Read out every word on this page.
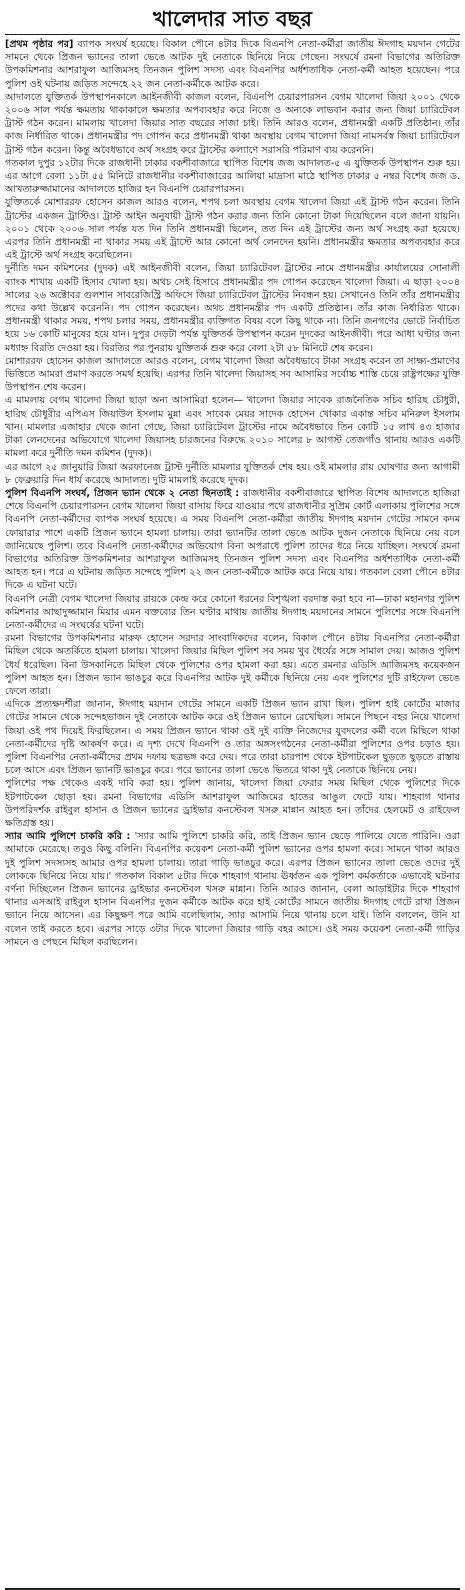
খালেদার সাত বছর

[প্রথম পৃষ্ঠার পর] ব্যাপক সংঘর্ষ হয়েছে। বিকাল পৌনে ৪টার দিকে বিএনপি নেতা-কর্মীরা জাতীয় ঈদগাহ ময়দান গেটের সামনে থেকে প্রিজন ভ্যানের তালা ভেঙে আটক দুই নেতাকে ছিনিয়ে নিয়ে গেছেন। সংঘর্ষে রমনা বিভাগের অতিরিক্ত উপকমিশনার আশরাফুল আজিমসহ তিনজন পুলিশ সদস্য এবং বিএনপির অর্ধশতাধিক নেতা-কর্মী আহত হয়েছেন। পরে পুলিশ ওই ঘটনায় জড়িত সন্দেহে ২২ জন নেতা-কর্মীকে আটক করে।

আদালতে যুক্তিতর্ক উপস্থাপনকালে আইনজীবী কাজল বলেন, বিএনপি চেয়ারপারসন বেগম খালেদা জিয়া ২০০১ থেকে ২০০৬ সাল পর্যন্ত ক্ষমতায় থাকাকালে ক্ষমতার অপব্যবহার করে নিজে ও অন্যকে লাভবান করার জন্য জিয়া চ্যারিটেবল ট্রাস্ট গঠন করেন। মামলায় খালেদা জিয়ার সাত বছরের সাজা চাই। তিনি আরও বলেন, প্রধানমন্ত্রী একটি প্রতিষ্ঠান। তাঁর কাজ নির্ধারিত থাকে। প্রধানমন্ত্রীর পদ গোপন করে প্রধানমন্ত্রী থাকা অবস্থায় বেগম খালেদা জিয়া নামসর্বস্ব জিয়া চ্যারিটেবল ট্রাস্ট গঠন করেন। কিন্তু অবৈধভাবে অর্থ সংগ্রহ করে ট্রাস্টের কল্যাণে সরাসরি পরিমাণ ব্যয় করেননি।

গতকাল দুপুর ১২টার দিকে রাজধানী ঢাকার বকশীবাজারে স্থাপিত বিশেষ জজ আদালত-৫ এ যুক্তিতর্ক উপস্থাপন শুরু হয়। এর আগে বেলা ১১টা ৫৫ মিনিটে রাজধানীর বকশীবাজারের আলিয়া মাদ্রাসা মাঠে স্থাপিত ঢাকার ৫ নম্বর বিশেষ জজ ড. আখতারুজ্জামানের আদালতে হাজির হন বিএনপি চেয়ারপারসন।

যুক্তিতর্কে মোশাররফ হোসেন কাজল আরও বলেন, শপথ চলা অবস্থায় বেগম খালেদা জিয়া এই ট্রাস্ট গঠন করেন। তিনি ট্রাস্টের একজন ট্রাস্টিও। ট্রাস্ট আইন অনুযায়ী ট্রাস্ট গঠন করার জন্য তিনি কোনো টাকা দিয়েছিলেন বলে জানা যায়নি। ২০০১ থেকে ২০০৬ সাল পর্যন্ত যত দিন তিনি প্রধানমন্ত্রী ছিলেন, তত দিন এই ট্রাস্টের জন্য অর্থ সংগ্রহ করা হয়েছে। এরপর তিনি প্রধানমন্ত্রী না থাকার সময় এই ট্রাস্টে আর কোনো অর্থ লেনদেন হয়নি। প্রধানমন্ত্রীর ক্ষমতার অপব্যবহার করে এই ট্রাস্টে অর্থ সংগ্রহ করেছিলেন।

দুর্নীতি দমন কমিশনের (দুদক) এই আইনজীবী বলেন, জিয়া চ্যারিটেবল ট্রাস্টের নামে প্রধানমন্ত্রীর কার্যালয়ের সোনালী ব্যাংক শাখায় একটি হিসাব খোলা হয়। অথচ সেই হিসাবে প্রধানমন্ত্রীর পদ গোপন করেছেন খালেদা জিয়া। এ ছাড়া ২০০৪ সালের ২৬ অক্টোবর গুলশান সাবরেজিস্ট্রি অফিসে জিয়া চ্যারিটেবল ট্রাস্টের নিবন্ধন হয়। সেখানেও তিনি তাঁর প্রধানমন্ত্রীর পদের কথা উল্লেখ করেননি। পদ গোপন করেছেন। অথচ প্রধানমন্ত্রীর পদ একটি প্রতিষ্ঠান। তাঁর কাজ নির্ধারিত থাকে। প্রধানমন্ত্রী থাকার সময়, শপথ চলার সময়, প্রধানমন্ত্রীর ব্যক্তিগত বিষয় বলে কিছু থাকে না। তিনি জনগণের ভোটে নির্বাচিত হয়ে ১৬ কোটি মানুষের হয়ে যান। দুপুর দেড়টা পর্যন্ত যুক্তিতর্ক উপস্থাপন করেন দুদকের আইনজীবী। পরে আধা ঘণ্টার জন্য মধ্যাহ্ন বিরতি দেওয়া হয়। বিরতির পর পুনরায় যুক্তিতর্ক শুরু করে বেলা ২টা ৫৮ মিনিটে শেষ করেন।

মোশাররফ হোসেন কাজল আদালতে আরও বলেন, বেগম খালেদা জিয়া অবৈধভাবে টাকা সংগ্রহ করেন তা সাক্ষ্য-প্রমাণের ভিত্তিতে আমরা প্রমাণ করতে সমর্থ হয়েছি। এরপর তিনি খালেদা জিয়াসহ সব আসামির সর্বোচ্চ শাস্তি চেয়ে রাষ্ট্রপক্ষের যুক্তি উপস্থাপন শেষ করেন।

এ মামলায় বেগম খালেদা জিয়া ছাড়া অন্য আসামিরা হলেন— খালেদা জিয়ার সাবেক রাজনৈতিক সচিব হারিছ চৌধুরী, হারিছ চৌধুরীর এপিএস জিয়াউল ইসলাম মুন্না এবং সাবেক মেয়র সাদেক হোসেন খোকার একান্ত সচিব মনিরুল ইসলাম খান। মামলার এজাহার থেকে জানা গেছে, জিয়া চ্যারিটেবল ট্রাস্টের নামে অবৈধভাবে তিন কোটি ১৫ লাখ ৪৩ হাজার টাকা লেনদেনের অভিযোগে খালেদা জিয়াসহ চারজনের বিরুদ্ধে ২০১০ সালের ৮ আগস্ট তেজগাঁও থানায় আরও একটি মামলা করে দুর্নীতি দমন কমিশন (দুদক)।

এর আগে ২৫ জানুয়ারি জিয়া অরফানেজ ট্রাস্ট দুর্নীতি মামলার যুক্তিতর্ক শেষ হয়। ওই মামলার রায় ঘোষণার জন্য আগামী ৮ ফেব্রুয়ারি দিন ধার্য করেছে আদালত। দুটি মামলাই করেছে দুদক।

পুলিশ বিএনপি সংঘর্ষ, প্রিজন ভ্যান থেকে ২ নেতা ছিনতাই : রাজধানীর বকশীবাজারে স্থাপিত বিশেষ আদালতে হাজিরা শেষে বিএনপি চেয়ারপারসন বেগম খালেদা জিয়া বাসায় ফিরে যাওয়ার পথে রাজধানীর সুপ্রিম কোর্ট এলাকায় পুলিশের সঙ্গে বিএনপি নেতা-কর্মীদের ব্যাপক সংঘর্ষ হয়েছে। এ সময় বিএনপি নেতা-কর্মীরা জাতীয় ঈদগাহ ময়দান গেটের সামনে কদম ফোয়ারার পাশে একটি প্রিজন ভ্যানে হামলা চালায়। তারা ভ্যানটির তালা ভেঙে আটক দুজন নেতাকে ছিনিয়ে নেয় বলে জানিয়েছে পুলিশ। তবে বিএনপি নেতা-কর্মীদের অভিযোগ বিনা অপরাধে পুলিশ তাদের ধরে নিয়ে যাচ্ছিল। সংঘর্ষে রমনা বিভাগের অতিরিক্ত উপকমিশনার আশরাফুল আজিমসহ তিনজন পুলিশ সদস্য এবং বিএনপির অর্ধশতাধিক নেতা-কর্মী আহত হন। পরে এ ঘটনায় জড়িত সন্দেহে পুলিশ ২২ জন নেতা-কর্মীকে আটক করে নিয়ে যায়। গতকাল বেলা পৌনে ৪টার দিকে এ ঘটনা ঘটে।

বিএনপি নেত্রী বেগম খালেদা জিয়ার রায়কে কেন্দ্র করে কোনো ধরনের বিশৃঙ্খলা বরদাস্ত করা হবে না—ঢাকা মহানগর পুলিশ কমিশনার আছাদুজ্জামান মিয়ার এমন বক্তব্যের তিন ঘণ্টার মাথায় জাতীয় ঈদগাহ ময়দানের সামনে পুলিশের সঙ্গে বিএনপি নেতা-কর্মীদের এ সংঘর্ষের ঘটনা ঘটে।

রমনা বিভাগের উপকমিশনার মারুফ হোসেন সরদার সাংবাদিকদের বলেন, বিকাল পৌনে ৪টায় বিএনপির নেতা-কর্মীরা মিছিল থেকে অতর্কিতে হামলা চালায়। খালেদা জিয়ার মিছিল পুলিশ সব সময় খুব ধৈর্যের সঙ্গে সামাল দেয়। আজও পুলিশ ধৈর্য ধরেছিল। বিনা উসকানিতে মিছিল থেকে পুলিশের ওপর হামলা করা হয়। এতে রমনার এডিসি আজিমসহ কয়েকজন পুলিশ আহত হন। প্রিজন ভ্যান ভাঙচুর করে বিএনপির আটক দুই কর্মীকে ছিনিয়ে নেয় এবং পুলিশের দুটি রাইফেল ভেঙে ফেলে তারা।

এদিকে প্রত্যক্ষদর্শীরা জানান, ঈদগাহ ময়দান গেটের সামনে একটি প্রিজন ভ্যান রাখা ছিল। পুলিশ হাই কোর্টের মাজার গেটের সামনে থেকে সন্দেহভাজন দুই নেতাকে আটক করে ওই প্রিজন ভ্যানে রেখেছিল। সামনে পিছনে বহর নিয়ে খালেদা জিয়া ওই পথ দিয়েই ফিরছিলেন। এ সময় প্রিজন ভ্যানে থাকা ওই দুই ব্যক্তি নিজেদের যুবদলের কর্মী বলে মিছিলে থাকা নেতা-কর্মীদের দৃষ্টি আকর্ষণ করে। এ দৃশ্য দেখে বিএনপি ও তার অঙ্গসংগঠনের নেতা-কর্মীরা পুলিশের ওপর চড়াও হয়। পুলিশ বিএনপির নেতা-কর্মীদের প্রথম দফায় ছত্রভঙ্গ করে দেয়। পরে তারা চারপাশ থেকে ইটপাটকেল ছুড়তে ছুড়তে রাস্তায় চলে আসে এবং প্রিজন ভ্যানটি ভাঙচুর করে। পরে ভ্যানের তালা ভেঙে ভিতরে থাকা দুই নেতাকে ছিনিয়ে নেয়।

পুলিশের পক্ষ থেকেও একই দাবি করা হয়। পুলিশ জানায়, খালেদা জিয়া ফেরার সময় মিছিল থেকে পুলিশের দিকে ইটপাটকেল ছোড়া হয়। রমনা বিভাগের এডিসি আশরাফুল আজিমের হাতের আঙুল ফেটে যায়। শাহবাগ থানার উপপরিদর্শক রাইবুল হাসান ও প্রিজন ভ্যানের ড্রাইভার কনস্টেবল খসরু মান্নান আহত হন। তাঁদের হেলমেট ও রাইফেল ক্ষতিগ্রস্ত হয়।

স্যার আমি পুলিশে চাকরি করি : 'স্যার আমি পুলিশে চাকরি করি, তাই প্রিজন ভ্যান ছেড়ে পালিয়ে যেতে পারিনি। ওরা আমাকে মেরেছে। তবুও কিছু বলিনি। বিএনপির কয়েকশ নেতা-কর্মী পুলিশ ভ্যানের ওপর হামলা করে। সামনে থাকা আরও দুই পুলিশ সদস্যসহ আমার ওপর হামলা চালায়। তারা গাড়ি ভাঙচুর করে। এরপর প্রিজন ভ্যানের তালা ভেঙে ওদের দুই লোককে ছিনিয়ে নিয়ে যায়।' গতকাল বিকাল ৫টার দিকে শাহবাগ থানায় ঊর্ধ্বতন এক পুলিশ কর্মকর্তাকে এভাবেই ঘটনার বর্ণনা দিচ্ছিলেন প্রিজন ভ্যানের ড্রাইভার কনস্টেবল খসরু মান্নান। তিনি আরও জানান, বেলা আড়াইটার দিকে শাহবাগ থানার এসআই রাইবুল হাসান বিএনপির দুজন কর্মীকে আটক করে হাই কোর্টের সামনে জাতীয় ঈদগাহ গেটে রাখা প্রিজন ভ্যানে নিয়ে আসেন। এর কিছুক্ষণ পরে আমি বলেছিলাম, স্যার আসামি নিয়ে থানায় চলে যাই। তিনি বললেন, উনি যা বলেন তাই করতে হবে। এরপর সাড়ে ৩টার দিকে খালেদা জিয়ার গাড়ি বহর আসে। ওই সময় কয়েকশ নেতা-কর্মী গাড়ির সামনে ও পেছনে মিছিল করছিলেন।
